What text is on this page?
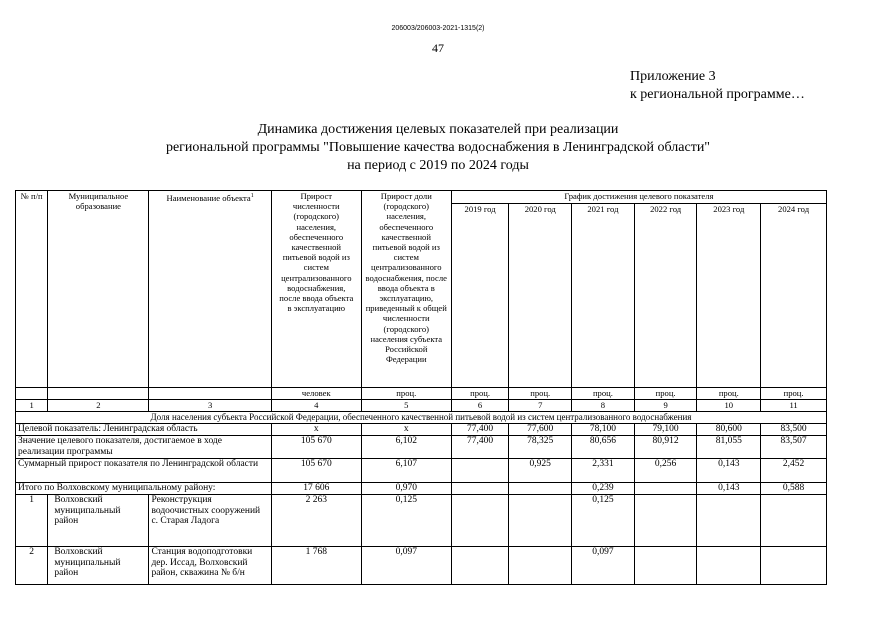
206003/206003-2021-1315(2)
47
Приложение 3
к региональной программе…
Динамика достижения целевых показателей при реализации
региональной программы "Повышение качества водоснабжения в Ленинградской области"
на период с 2019 по 2024 годы
№ п/п	Муниципальное образование	Наименование объекта$^1$	Прирост численности (городского) населения, обеспеченного качественной питьевой водой из систем централизованного водоснабжения, после ввода объекта в эксплуатацию	Прирост доли (городского) населения, обеспеченного качественной питьевой водой из систем централизованного водоснабжения, после ввода объекта в эксплуатацию, приведенный к общей численности (городского) населения субъекта Российской Федерации	График достижения целевого показателя					
					2019 год	2020 год	2021 год	2022 год	2023 год	2024 год
			человек	проц.	проц.	проц.	проц.	проц.	проц.	проц.
1	2	3	4	5	6	7	8	9	10	11
Доля населения субъекта Российской Федерации, обеспеченного качественной питьевой водой из систем централизованного водоснабжения										
Целевой показатель: Ленинградская область			х	х	77,400	77,600	78,100	79,100	80,600	83,500
Значение целевого показателя, достигаемое в ходе реализации программы			105 670	6,102	77,400	78,325	80,656	80,912	81,055	83,507
Суммарный прирост показателя по Ленинградской области			105 670	6,107		0,925	2,331	0,256	0,143	2,452
Итого по Волховскому муниципальному району:			17 606	0,970			0,239		0,143	0,588
1	Волховский муниципальный район	Реконструкция водоочистных сооружений с. Старая Ладога	2 263	0,125			0,125			
2	Волховский муниципальный район	Станция водоподготовки дер. Иссад, Волховский район, скважина № б/н	1 768	0,097			0,097			
